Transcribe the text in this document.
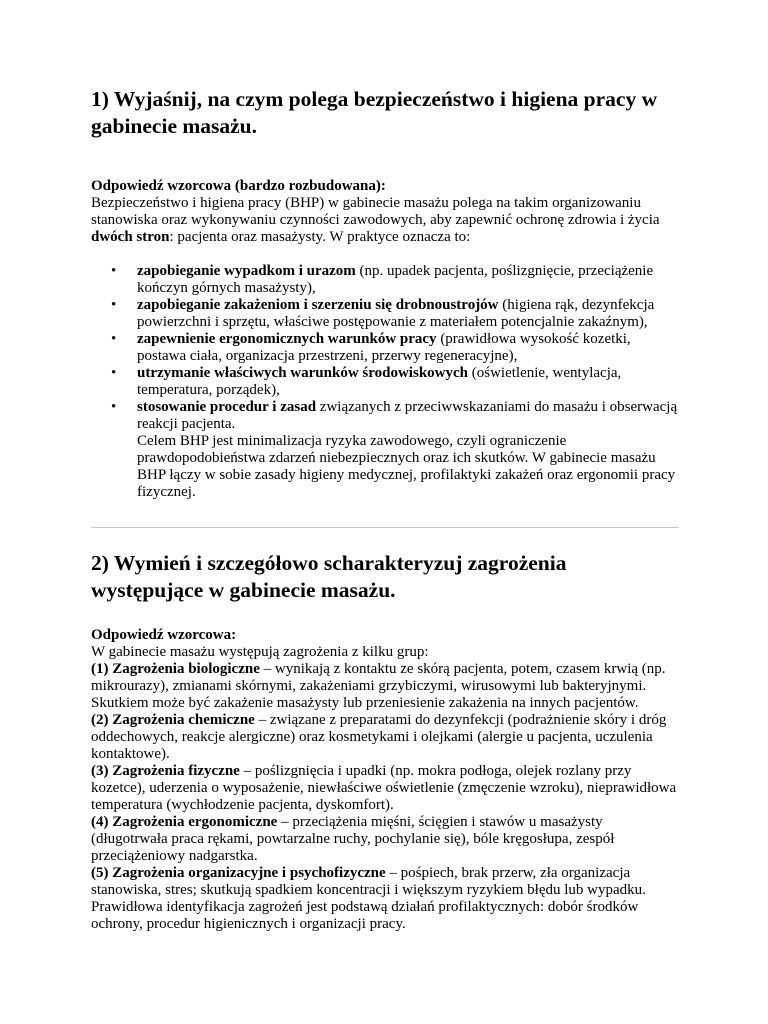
1) Wyjaśnij, na czym polega bezpieczeństwo i higiena pracy w gabinecie masażu.

Odpowiedź wzorcowa (bardzo rozbudowana):

Bezpieczeństwo i higiena pracy (BHP) w gabinecie masażu polega na takim organizowaniu stanowiska oraz wykonywaniu czynności zawodowych, aby zapewnić ochronę zdrowia i życia dwóch stron: pacjenta oraz masażysty. W praktyce oznacza to:

• zapobieganie wypadkom i urazom (np. upadek pacjenta, poślizgnięcie, przeciążenie kończyn górnych masażysty),
• zapobieganie zakażeniom i szerzeniu się drobnoustrojów (higiena rąk, dezynfekcja powierzchni i sprzętu, właściwe postępowanie z materiałem potencjalnie zakaźnym),
• zapewnienie ergonomicznych warunków pracy (prawidłowa wysokość kozetki, postawa ciała, organizacja przestrzeni, przerwy regeneracyjne),
• utrzymanie właściwych warunków środowiskowych (oświetlenie, wentylacja, temperatura, porządek),
• stosowanie procedur i zasad związanych z przeciwwskazaniami do masażu i obserwacją reakcji pacjenta.

Celem BHP jest minimalizacja ryzyka zawodowego, czyli ograniczenie prawdopodobieństwa zdarzeń niebezpiecznych oraz ich skutków. W gabinecie masażu BHP łączy w sobie zasady higieny medycznej, profilaktyki zakażeń oraz ergonomii pracy fizycznej.

2) Wymień i szczegółowo scharakteryzuj zagrożenia występujące w gabinecie masażu.

Odpowiedź wzorcowa:

W gabinecie masażu występują zagrożenia z kilku grup:

(1) Zagrożenia biologiczne – wynikają z kontaktu ze skórą pacjenta, potem, czasem krwią (np. mikrourazy), zmianami skórnymi, zakażeniami grzybiczymi, wirusowymi lub bakteryjnymi. Skutkiem może być zakażenie masażysty lub przeniesienie zakażenia na innych pacjentów.

(2) Zagrożenia chemiczne – związane z preparatami do dezynfekcji (podrażnienie skóry i dróg oddechowych, reakcje alergiczne) oraz kosmetykami i olejkami (alergie u pacjenta, uczulenia kontaktowe).

(3) Zagrożenia fizyczne – poślizgnięcia i upadki (np. mokra podłoga, olejek rozlany przy kozetce), uderzenia o wyposażenie, niewłaściwe oświetlenie (zmęczenie wzroku), nieprawidłowa temperatura (wychłodzenie pacjenta, dyskomfort).

(4) Zagrożenia ergonomiczne – przeciążenia mięśni, ścięgien i stawów u masażysty (długotrwała praca rękami, powtarzalne ruchy, pochylanie się), bóle kręgosłupa, zespół przeciążeniowy nadgarstka.

(5) Zagrożenia organizacyjne i psychofizyczne – pośpiech, brak przerw, zła organizacja stanowiska, stres; skutkują spadkiem koncentracji i większym ryzykiem błędu lub wypadku.

Prawidłowa identyfikacja zagrożeń jest podstawą działań profilaktycznych: dobór środków ochrony, procedur higienicznych i organizacji pracy.
